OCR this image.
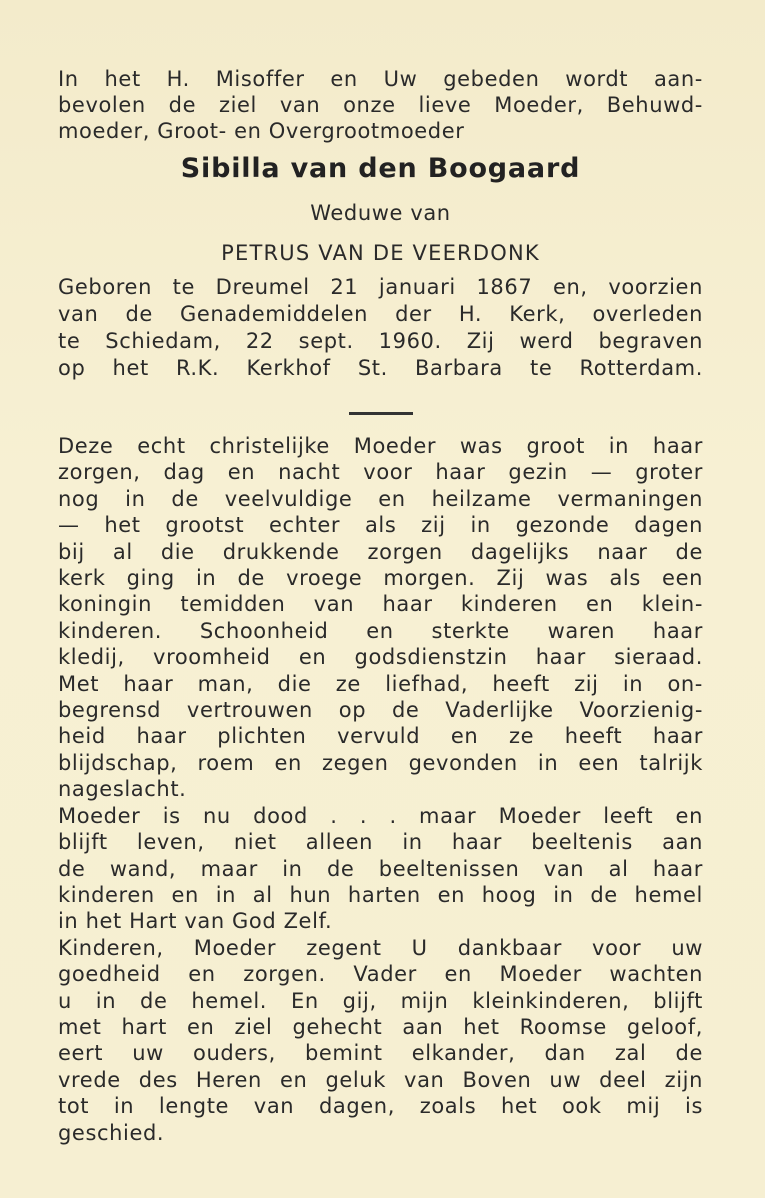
In het H. Misoffer en Uw gebeden wordt aan-
bevolen de ziel van onze lieve Moeder, Behuwd-
moeder, Groot- en Overgrootmoeder
Sibilla van den Boogaard
Weduwe van
PETRUS VAN DE VEERDONK
Geboren te Dreumel 21 januari 1867 en, voorzien
van de Genademiddelen der H. Kerk, overleden
te Schiedam, 22 sept. 1960. Zij werd begraven
op het R.K. Kerkhof St. Barbara te Rotterdam.
Deze echt christelijke Moeder was groot in haar
zorgen, dag en nacht voor haar gezin — groter
nog in de veelvuldige en heilzame vermaningen
— het grootst echter als zij in gezonde dagen
bij al die drukkende zorgen dagelijks naar de
kerk ging in de vroege morgen. Zij was als een
koningin temidden van haar kinderen en klein-
kinderen. Schoonheid en sterkte waren haar
kledij, vroomheid en godsdienstzin haar sieraad.
Met haar man, die ze liefhad, heeft zij in on-
begrensd vertrouwen op de Vaderlijke Voorzienig-
heid haar plichten vervuld en ze heeft haar
blijdschap, roem en zegen gevonden in een talrijk
nageslacht.
Moeder is nu dood . . . maar Moeder leeft en
blijft leven, niet alleen in haar beeltenis aan
de wand, maar in de beeltenissen van al haar
kinderen en in al hun harten en hoog in de hemel
in het Hart van God Zelf.
Kinderen, Moeder zegent U dankbaar voor uw
goedheid en zorgen. Vader en Moeder wachten
u in de hemel. En gij, mijn kleinkinderen, blijft
met hart en ziel gehecht aan het Roomse geloof,
eert uw ouders, bemint elkander, dan zal de
vrede des Heren en geluk van Boven uw deel zijn
tot in lengte van dagen, zoals het ook mij is
geschied.
